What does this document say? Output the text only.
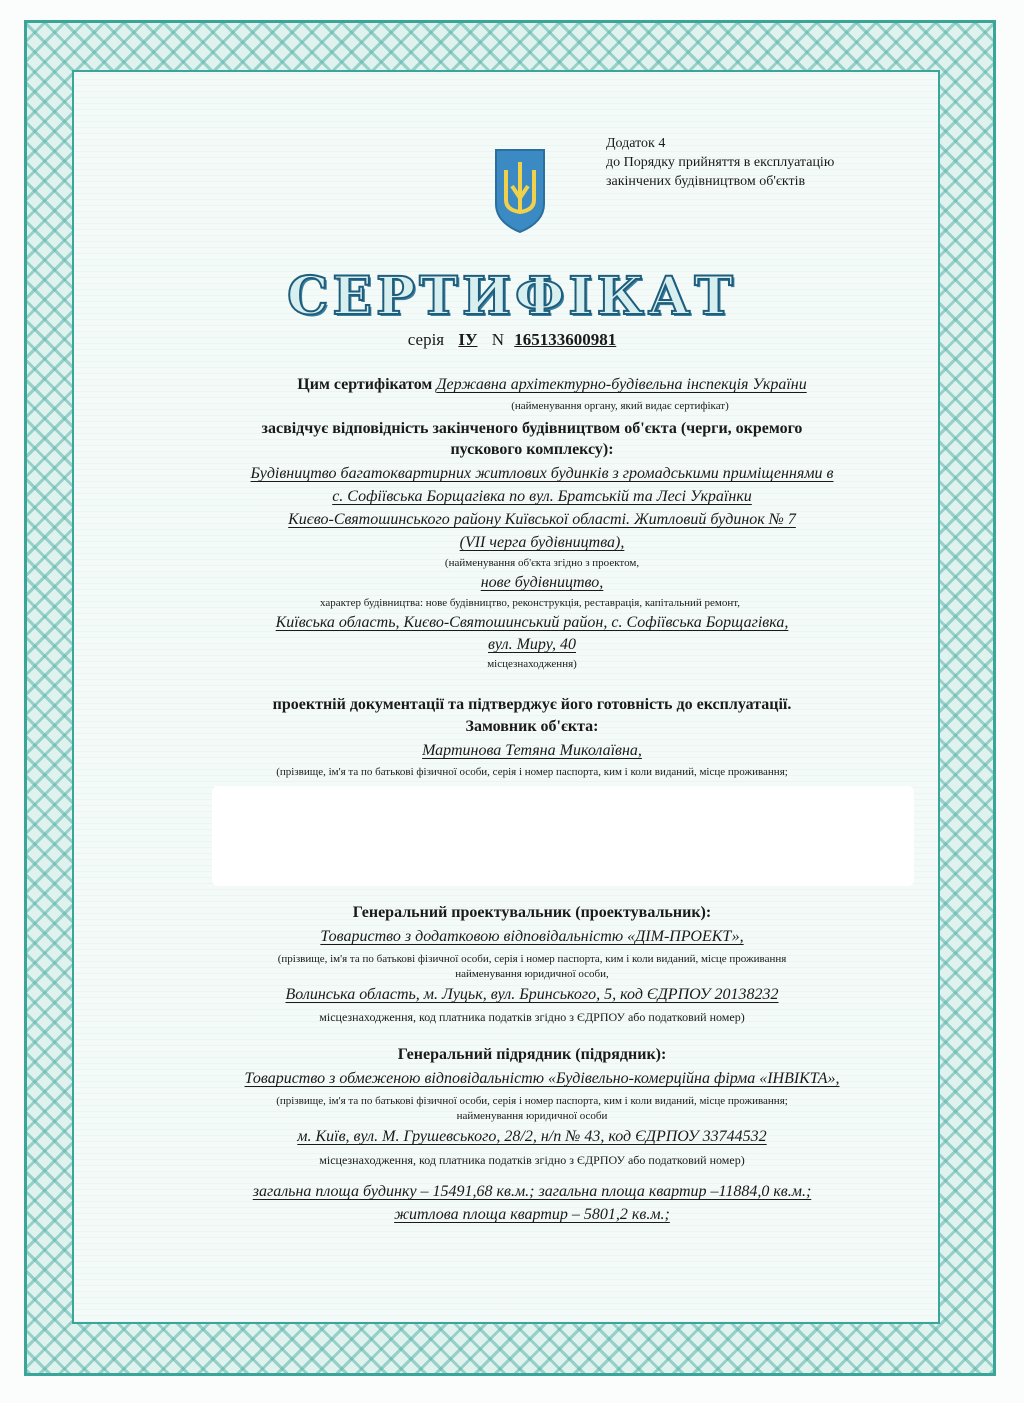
Додаток 4
до Порядку прийняття в експлуатацію
закінчених будівництвом об'єктів
СЕРТИФІКАТ
серія ІУ N 165133600981
Цим сертифікатом Державна архітектурно-будівельна інспекція України
(найменування органу, який видає сертифікат)
засвідчує відповідність закінченого будівництвом об'єкта (черги, окремого
пускового комплексу):
Будівництво багатоквартирних житлових будинків з громадськими приміщеннями в
с. Софіївська Борщагівка по вул. Братській та Лесі Українки
Києво-Святошинського району Київської області. Житловий будинок № 7
(VII черга будівництва),
(найменування об'єкта згідно з проектом,
нове будівництво,
характер будівництва: нове будівництво, реконструкція, реставрація, капітальний ремонт,
Київська область, Києво-Святошинський район, с. Софіївська Борщагівка,
вул. Миру, 40
місцезнаходження)
проектній документації та підтверджує його готовність до експлуатації.
Замовник об'єкта:
Мартинова Тетяна Миколаївна,
(прізвище, ім'я та по батькові фізичної особи, серія і номер паспорта, ким і коли виданий, місце проживання;
Генеральний проектувальник (проектувальник):
Товариство з додатковою відповідальністю «ДІМ-ПРОЕКТ»,
(прізвище, ім'я та по батькові фізичної особи, серія і номер паспорта, ким і коли виданий, місце проживання
найменування юридичної особи,
Волинська область, м. Луцьк, вул. Бринського, 5, код ЄДРПОУ 20138232
місцезнаходження, код платника податків згідно з ЄДРПОУ або податковий номер)
Генеральний підрядник (підрядник):
Товариство з обмеженою відповідальністю «Будівельно-комерційна фірма «ІНВІКТА»,
(прізвище, ім'я та по батькові фізичної особи, серія і номер паспорта, ким і коли виданий, місце проживання;
найменування юридичної особи
м. Київ, вул. М. Грушевського, 28/2, н/п № 43, код ЄДРПОУ 33744532
місцезнаходження, код платника податків згідно з ЄДРПОУ або податковий номер)
загальна площа будинку – 15491,68 кв.м.; загальна площа квартир –11884,0 кв.м.;
житлова площа квартир – 5801,2 кв.м.;
